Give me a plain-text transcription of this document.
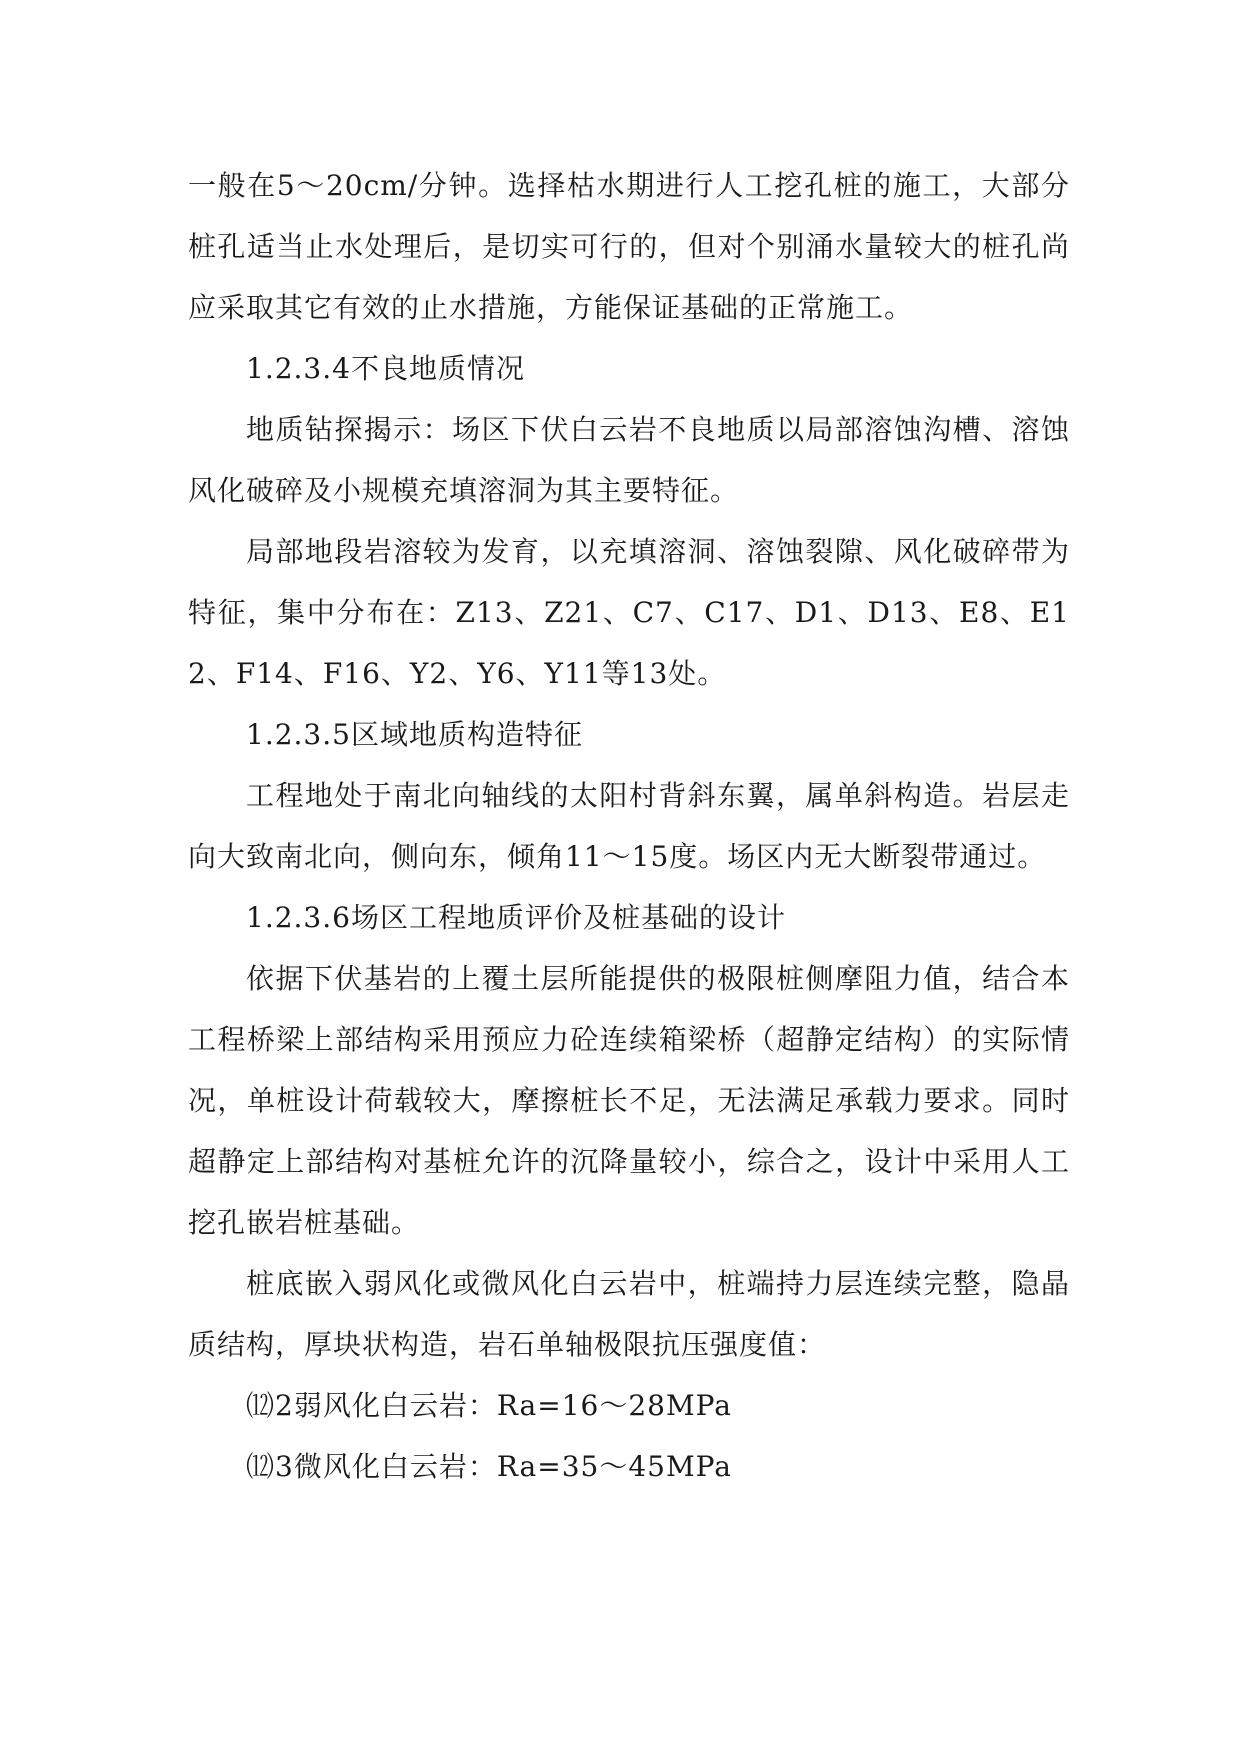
一般在5～20cm/分钟。选择枯水期进行人工挖孔桩的施工，大部分桩孔适当止水处理后，是切实可行的，但对个别涌水量较大的桩孔尚应采取其它有效的止水措施，方能保证基础的正常施工。

1.2.3.4不良地质情况

地质钻探揭示：场区下伏白云岩不良地质以局部溶蚀沟槽、溶蚀风化破碎及小规模充填溶洞为其主要特征。

局部地段岩溶较为发育，以充填溶洞、溶蚀裂隙、风化破碎带为特征，集中分布在：Z13、Z21、C7、C17、D1、D13、E8、E12、F14、F16、Y2、Y6、Y11等13处。

1.2.3.5区域地质构造特征

工程地处于南北向轴线的太阳村背斜东翼，属单斜构造。岩层走向大致南北向，侧向东，倾角11～15度。场区内无大断裂带通过。

1.2.3.6场区工程地质评价及桩基础的设计

依据下伏基岩的上覆土层所能提供的极限桩侧摩阻力值，结合本工程桥梁上部结构采用预应力砼连续箱梁桥（超静定结构）的实际情况，单桩设计荷载较大，摩擦桩长不足，无法满足承载力要求。同时超静定上部结构对基桩允许的沉降量较小，综合之，设计中采用人工挖孔嵌岩桩基础。

桩底嵌入弱风化或微风化白云岩中，桩端持力层连续完整，隐晶质结构，厚块状构造，岩石单轴极限抗压强度值：

⑿2弱风化白云岩：Ra=16～28MPa

⑿3微风化白云岩：Ra=35～45MPa
